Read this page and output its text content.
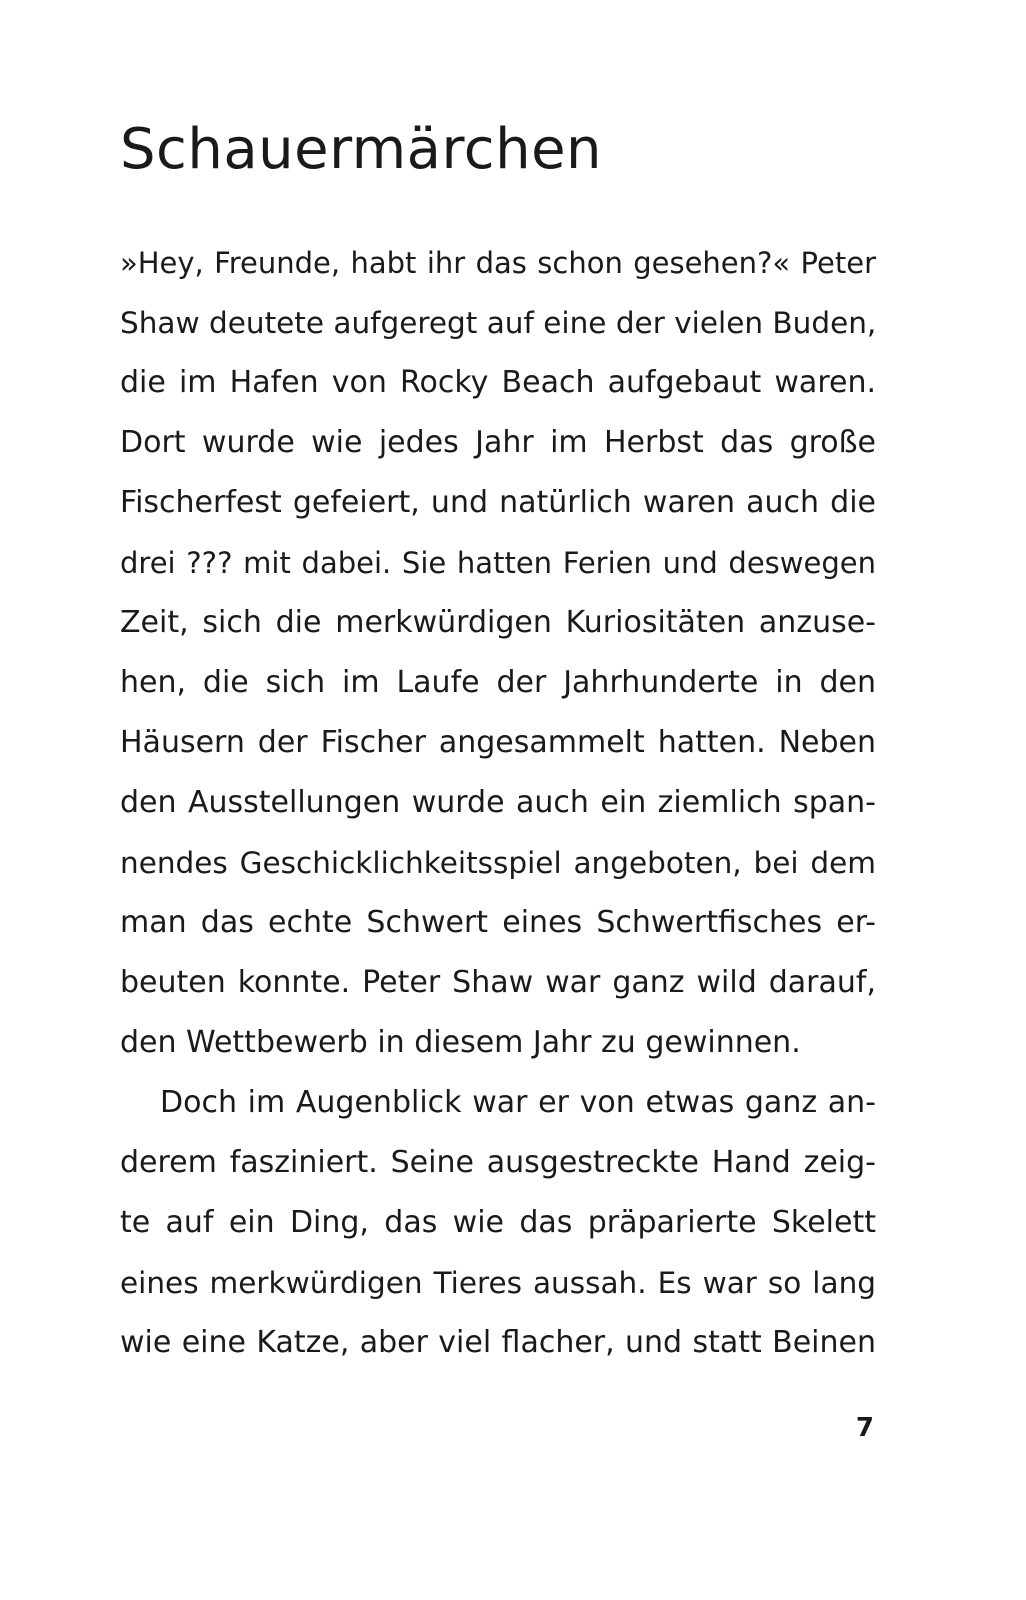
Schauermärchen
»Hey, Freunde, habt ihr das schon gesehen?« Peter
Shaw deutete aufgeregt auf eine der vielen Buden,
die im Hafen von Rocky Beach aufgebaut waren.
Dort wurde wie jedes Jahr im Herbst das große
Fischerfest gefeiert, und natürlich waren auch die
drei ??? mit dabei. Sie hatten Ferien und deswegen
Zeit, sich die merkwürdigen Kuriositäten anzuse-
hen, die sich im Laufe der Jahrhunderte in den
Häusern der Fischer angesammelt hatten. Neben
den Ausstellungen wurde auch ein ziemlich span-
nendes Geschicklichkeitsspiel angeboten, bei dem
man das echte Schwert eines Schwertfisches er-
beuten konnte. Peter Shaw war ganz wild darauf,
den Wettbewerb in diesem Jahr zu gewinnen.
Doch im Augenblick war er von etwas ganz an-
derem fasziniert. Seine ausgestreckte Hand zeig-
te auf ein Ding, das wie das präparierte Skelett
eines merkwürdigen Tieres aussah. Es war so lang
wie eine Katze, aber viel flacher, und statt Beinen
7
